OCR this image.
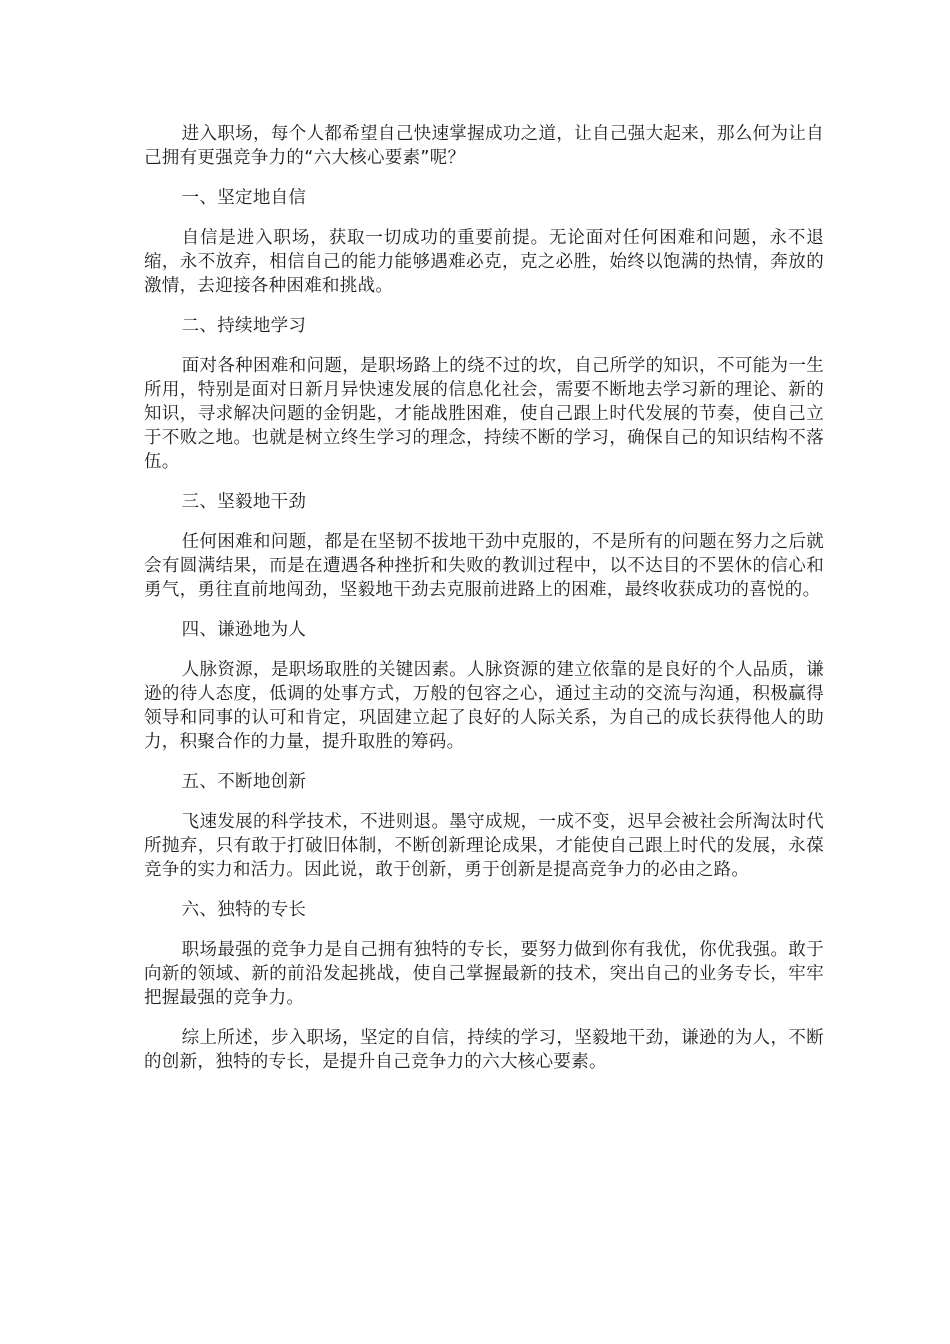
进入职场，每个人都希望自己快速掌握成功之道，让自己强大起来，那么何为让自己拥有更强竞争力的“六大核心要素”呢？

一、坚定地自信

自信是进入职场，获取一切成功的重要前提。无论面对任何困难和问题，永不退缩，永不放弃，相信自己的能力能够遇难必克，克之必胜，始终以饱满的热情，奔放的激情，去迎接各种困难和挑战。

二、持续地学习

面对各种困难和问题，是职场路上的绕不过的坎，自己所学的知识，不可能为一生所用，特别是面对日新月异快速发展的信息化社会，需要不断地去学习新的理论、新的知识，寻求解决问题的金钥匙，才能战胜困难，使自己跟上时代发展的节奏，使自己立于不败之地。也就是树立终生学习的理念，持续不断的学习，确保自己的知识结构不落伍。

三、坚毅地干劲

任何困难和问题，都是在坚韧不拔地干劲中克服的，不是所有的问题在努力之后就会有圆满结果，而是在遭遇各种挫折和失败的教训过程中，以不达目的不罢休的信心和勇气，勇往直前地闯劲，坚毅地干劲去克服前进路上的困难，最终收获成功的喜悦的。

四、谦逊地为人

人脉资源，是职场取胜的关键因素。人脉资源的建立依靠的是良好的个人品质，谦逊的待人态度，低调的处事方式，万般的包容之心，通过主动的交流与沟通，积极赢得领导和同事的认可和肯定，巩固建立起了良好的人际关系，为自己的成长获得他人的助力，积聚合作的力量，提升取胜的筹码。

五、不断地创新

飞速发展的科学技术，不进则退。墨守成规，一成不变，迟早会被社会所淘汰时代所抛弃，只有敢于打破旧体制，不断创新理论成果，才能使自己跟上时代的发展，永葆竞争的实力和活力。因此说，敢于创新，勇于创新是提高竞争力的必由之路。

六、独特的专长

职场最强的竞争力是自己拥有独特的专长，要努力做到你有我优，你优我强。敢于向新的领域、新的前沿发起挑战，使自己掌握最新的技术，突出自己的业务专长，牢牢把握最强的竞争力。

综上所述，步入职场，坚定的自信，持续的学习，坚毅地干劲，谦逊的为人，不断的创新，独特的专长，是提升自己竞争力的六大核心要素。
